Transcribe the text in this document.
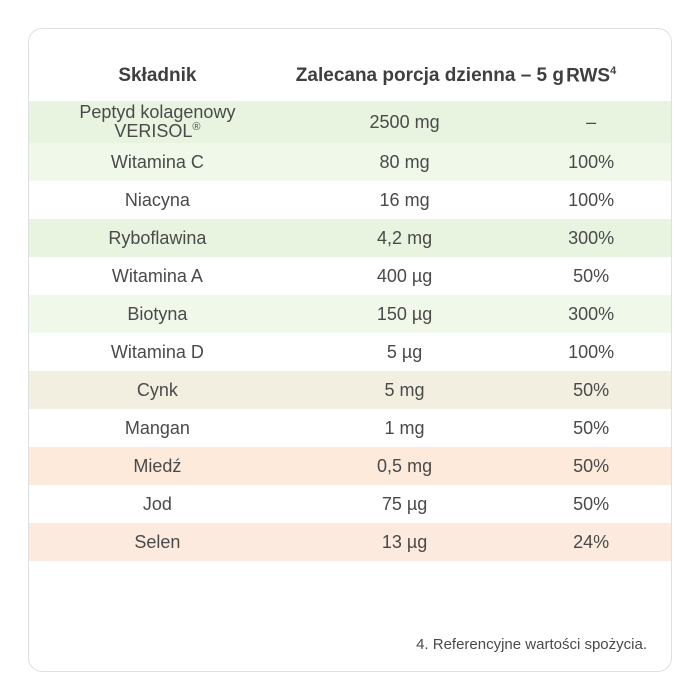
Składnik	Zalecana porcja dzienna – 5 g	RWS$^4$

Peptyd kolagenowy
VERISOL®	2500 mg	–
Witamina C	80 mg	100%
Niacyna	16 mg	100%
Ryboflawina	4,2 mg	300%
Witamina A	400 µg	50%
Biotyna	150 µg	300%
Witamina D	5 µg	100%
Cynk	5 mg	50%
Mangan	1 mg	50%
Miedź	0,5 mg	50%
Jod	75 µg	50%
Selen	13 µg	24%
4. Referencyjne wartości spożycia.
